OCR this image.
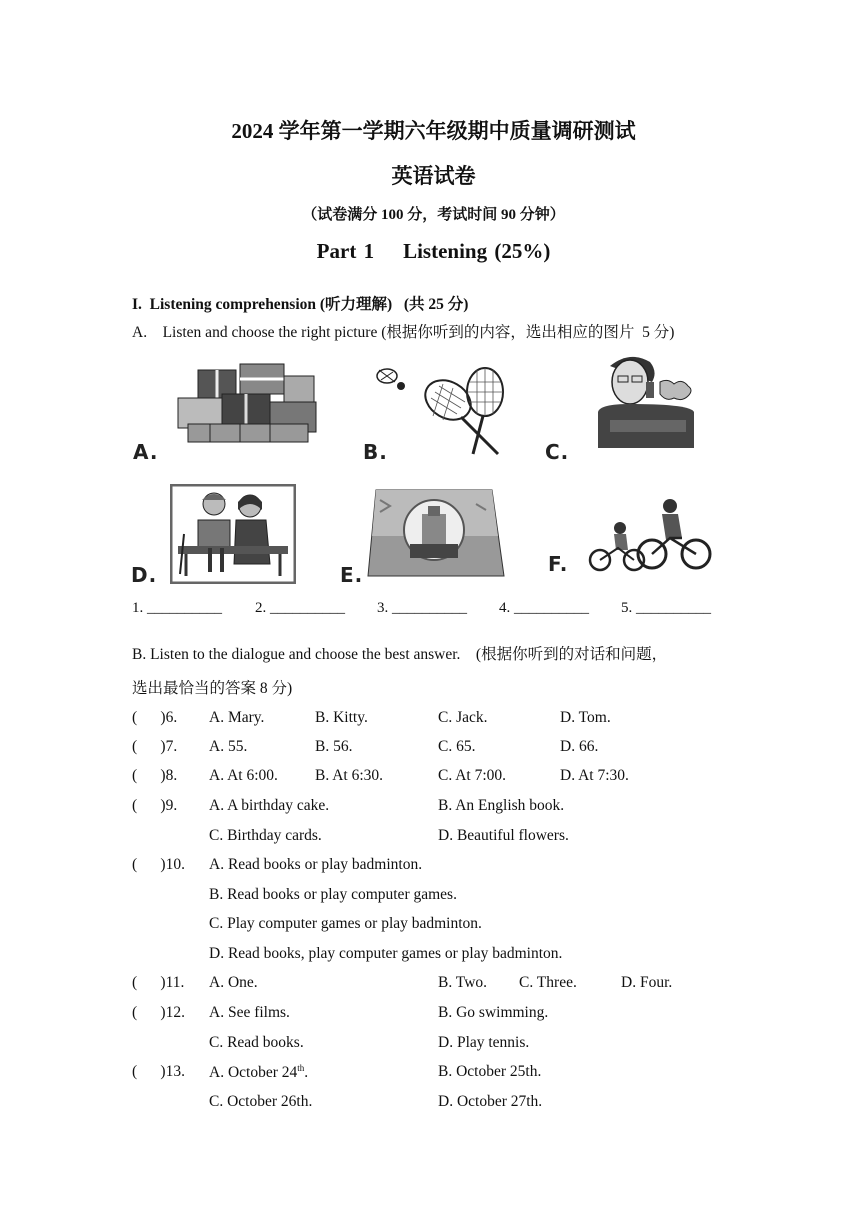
2024 学年第一学期六年级期中质量调研测试
英语试卷
（试卷满分 100 分，考试时间 90 分钟）
Part 1    Listening (25%)
I.  Listening comprehension (听力理解)   (共 25 分)
A.    Listen and choose the right picture (根据你听到的内容，选出相应的图片  5 分)
A.	B.	C.
D.	E.	F.
1. __________ 2. __________ 3. __________ 4. __________ 5. __________
B. Listen to the dialogue and choose the best answer.    (根据你听到的对话和问题，
选出最恰当的答案 8 分)
(      )6. A. Mary.	B. Kitty.	C. Jack.	D. Tom.
(      )7. A. 55.	B. 56.	C. 65.	D. 66.
(      )8. A. At 6:00. B. At 6:30.	C. At 7:00.	D. At 7:30.
(      )9. A. A birthday cake.	B. An English book.
C. Birthday cards.	D. Beautiful flowers.
(      )10. A. Read books or play badminton.
B. Read books or play computer games.
C. Play computer games or play badminton.
D. Read books, play computer games or play badminton.
(      )11. A. One.	B. Two. C. Three.	D. Four.
(      )12. A. See films.	B. Go swimming.
C. Read books.	D. Play tennis.
(      )13. A. October 24th.	B. October 25th.
C. October 26th.	D. October 27th.
